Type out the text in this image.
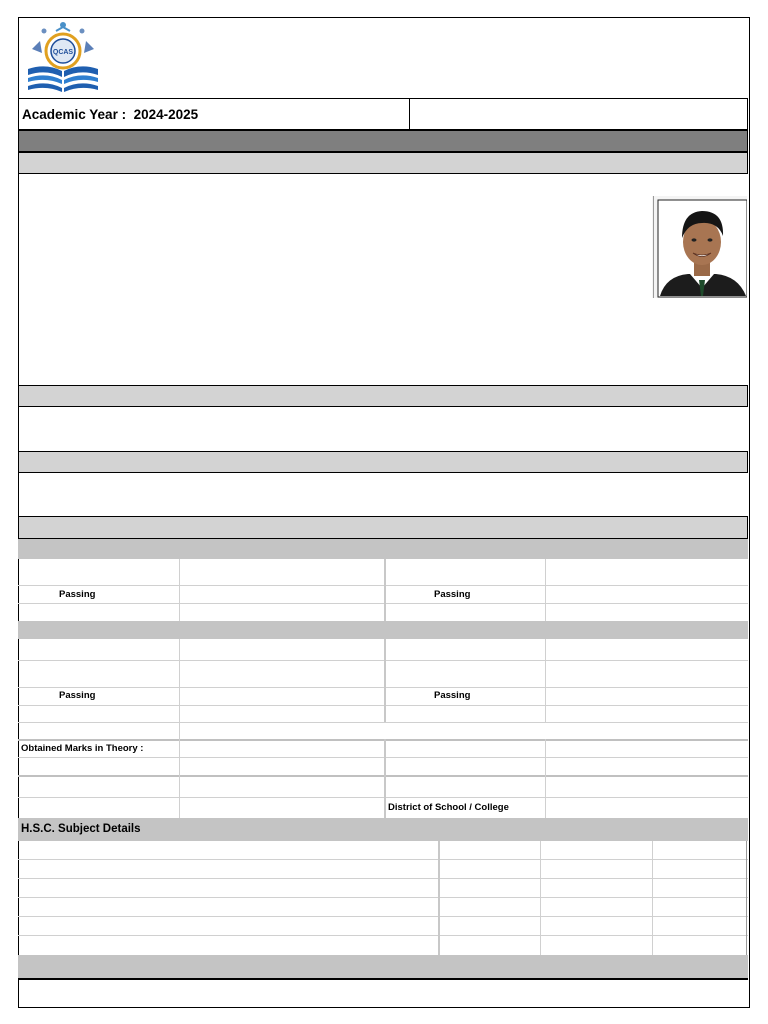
QCAS
Academic Year : 2024-2025
Passing	Passing
Passing	Passing
Obtained Marks in Theory :
District of School / College
H.S.C. Subject Details
